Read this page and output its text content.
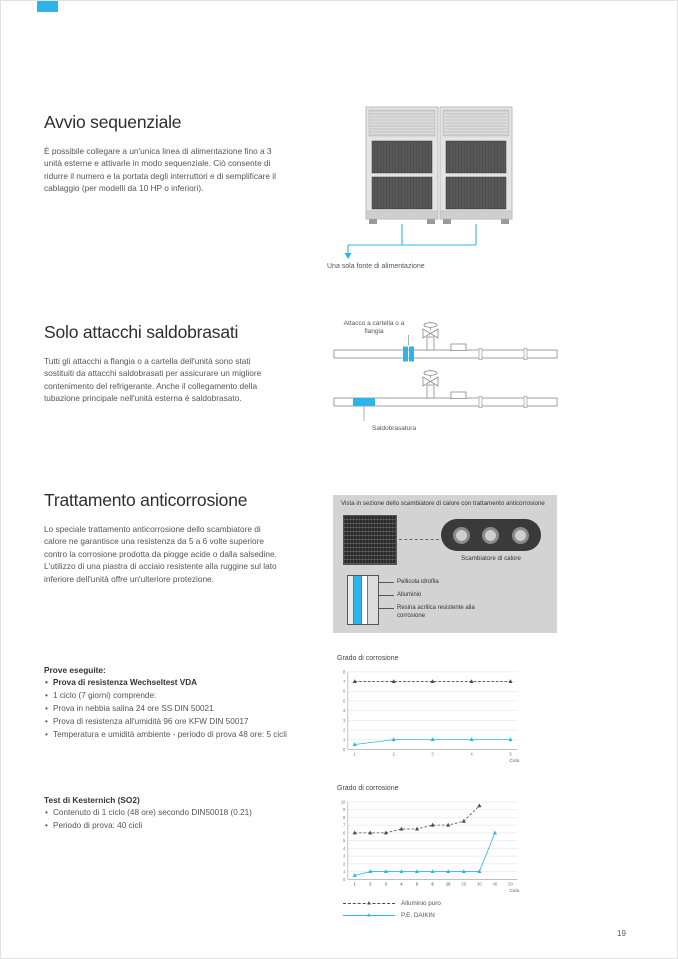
Avvio sequenziale

È possibile collegare a un'unica linea di alimentazione fino a 3 unità esterne e attivarle in modo sequenziale. Ciò consente di ridurre il numero e la portata degli interruttori e di semplificare il cablaggio (per modelli da 10 HP o inferiori).

Una sola fonte di alimentazione
Solo attacchi saldobrasati

Tutti gli attacchi a flangia o a cartella dell'unità sono stati sostituiti da attacchi saldobrasati per assicurare un migliore contenimento del refrigerante. Anche il collegamento della tubazione principale nell'unità esterna è saldobrasato.

Attacco a cartella o a flangia
Saldobrasatura
Trattamento anticorrosione

Lo speciale trattamento anticorrosione dello scambiatore di calore ne garantisce una resistenza da 5 a 6 volte superiore contro la corrosione prodotta da piogge acide o dalla salsedine. L'utilizzo di una piastra di acciaio resistente alla ruggine sul lato inferiore dell'unità offre un'ulteriore protezione.

Vista in sezione dello scambiatore di calore con trattamento anticorrosione
Scambiatore di calore
Pellicola idrofila
Alluminio
Resina acrilica resistente alla corrosione
Prove eseguite:
• Prova di resistenza Wechseltest VDA
• 1 ciclo (7 giorni) comprende:
• Prova in nebbia salina 24 ore SS DIN 50021
• Prova di resistenza all'umidità 96 ore KFW DIN 50017
• Temperatura e umidità ambiente - periodo di prova 48 ore: 5 cicli
Test di Kesternich (SO2)
• Contenuto di 1 ciclo (48 ore) secondo DIN50018 (0.21)
• Periodo di prova: 40 cicli
Grado di corrosione
0
1
2
3
4
5
6
7
8
1	2	3	4	5
Ciclo
Grado di corrosione
0
1
2
3
4
5
6
7
8
9
10
1	2	3	4	5	6	10	20	30	40	50
Ciclo
▲	Alluminio puro
▲	P.E. DAIKIN
19
